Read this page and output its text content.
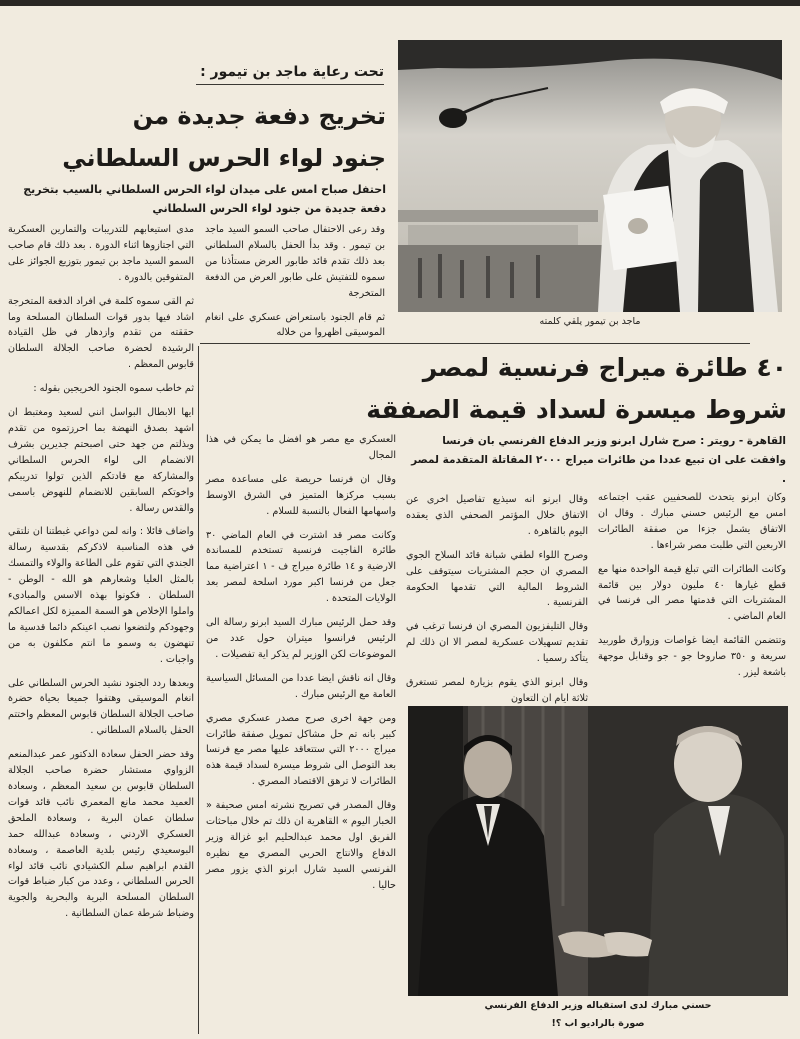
تحت رعاية ماجد بن تيمور :
تخريج دفعة جديدة من
جنود لواء الحرس السلطاني
احتفل صباح امس على ميدان لواء الحرس السلطاني بالسيب بتخريج دفعة جديدة من جنود لواء الحرس السلطاني

وقد رعى الاحتفال صاحب السمو السيد ماجد بن تيمور . وقد بدأ الحفل بالسلام السلطاني بعد ذلك تقدم قائد طابور العرض مستأذنا من سموه للتفتيش على طابور العرض من الدفعة المتخرجة

ثم قام الجنود باستعراض عسكري على انغام الموسيقى اظهروا من خلاله

مدى استيعابهم للتدريبات والتمارين العسكرية التي اجتازوها اثناء الدورة . بعد ذلك قام صاحب السمو السيد ماجد بن تيمور بتوزيع الجوائز على المتفوقين بالدورة .

ثم القى سموه كلمة في افراد الدفعة المتخرجة اشاد فيها بدور قوات السلطان المسلحة وما حققته من تقدم وازدهار في ظل القيادة الرشيدة لحضرة صاحب الجلالة السلطان قابوس المعظم .

ثم خاطب سموه الجنود الخريجين بقوله :

ايها الابطال البواسل انني لسعيد ومغتبط ان اشهد بصدق النهضة بما احرزتموه من تقدم وبذلتم من جهد حتى اصبحتم جديرين بشرف الانضمام الى لواء الحرس السلطاني والمشاركة مع قادتكم الذين تولوا تدريبكم واخوتكم السابقين للانضمام للنهوض باسمى والقدس رسالة .

واضاف قائلا : وانه لمن دواعي غبطتنا ان نلتقي في هذه المناسبة لاذكركم بقدسية رسالة الجندي التي تقوم على الطاعة والولاء والتمسك بالمثل العليا وشعارهم هو الله - الوطن - السلطان . فكونوا بهذه الاسس والمبادىء واملوا الإخلاص هو السمة المميزة لكل اعمالكم وجهودكم ولتضعوا نصب اعينكم دائما قدسية ما تنهضون به وسمو ما انتم مكلفون به من واجبات .

وبعدها ردد الجنود نشيد الحرس السلطاني على انغام الموسيقى وهتفوا جميعا بحياة حضرة صاحب الجلالة السلطان قابوس المعظم واختتم الحفل بالسلام السلطاني .

وقد حضر الحفل سعادة الدكتور عمر عبدالمنعم الزواوي مستشار حضرة صاحب الجلالة السلطان قابوس بن سعيد المعظم ، وسعادة العميد محمد مانع المعمري نائب قائد قوات سلطان عمان البرية ، وسعادة الملحق العسكري الاردني ، وسعادة عبدالله حمد البوسعيدي رئيس بلدية العاصمة ، وسعادة القدم ابراهيم سلم الكشيادي نائب قائد لواء الحرس السلطاني ، وعدد من كبار ضباط قوات السلطان المسلحة البرية والبحرية والجوية وضباط شرطة عمان السلطانية .

ماجد بن تيمور يلقي كلمته
٤٠ طائرة ميراج فرنسية لمصر
شروط ميسرة لسداد قيمة الصفقة
القاهرة - رويتر : صرح شارل ابرنو وزير الدفاع الفرنسي بان فرنسا وافقت على ان تبيع عددا من طائرات ميراج ٢٠٠٠ المقاتلة المتقدمة لمصر .

وكان ابرنو يتحدث للصحفيين عقب اجتماعه امس مع الرئيس حسني مبارك . وقال ان الاتفاق يشمل جزءا من صفقة الطائرات الاربعين التي طلبت مصر شراءها .

وكانت الطائرات التي تبلغ قيمة الواحدة منها مع قطع غيارها ٤٠ مليون دولار بين قائمة المشتريات التي قدمتها مصر الى فرنسا في العام الماضي .

وتتضمن القائمة ايضا غواصات وزوارق طوربيد سريعة و ٣٥٠ صاروخا جو - جو وقنابل موجهة باشعة ليزر .

وقال ابرنو انه سيذيع تفاصيل اخرى عن الاتفاق خلال المؤتمر الصحفي الذي يعقده اليوم بالقاهرة .

وصرح اللواء لطفي شبانة قائد السلاح الجوي المصري ان حجم المشتريات سيتوقف على الشروط المالية التي تقدمها الحكومة الفرنسية .

وقال التليفزيون المصري ان فرنسا ترغب في تقديم تسهيلات عسكرية لمصر الا ان ذلك لم يتأكد رسميا .

وقال ابرنو الذي يقوم بزيارة لمصر تستغرق ثلاثة ايام ان التعاون

العسكري مع مصر هو افضل ما يمكن في هذا المجال

وقال ان فرنسا حريصة على مساعدة مصر بسبب مركزها المتميز في الشرق الاوسط واسهامها الفعال بالنسبة للسلام .

وكانت مصر قد اشترت في العام الماضي ٣٠ طائرة الفاجيت فرنسية تستخدم للمساندة الارضية و ١٤ طائرة ميراج ف - ١ اعتراضية مما جعل من فرنسا اكبر مورد اسلحة لمصر بعد الولايات المتحدة .

وقد حمل الرئيس مبارك السيد ابرنو رسالة الى الرئيس فرانسوا ميتران حول عدد من الموضوعات لكن الوزير لم يذكر اية تفصيلات .

وقال انه ناقش ايضا عددا من المسائل السياسية العامة مع الرئيس مبارك .

ومن جهة اخرى صرح مصدر عسكري مصري كبير بانه تم حل مشاكل تمويل صفقة طائرات ميراج ٢٠٠٠ التي ستتعاقد عليها مصر مع فرنسا بعد التوصل الى شروط ميسرة لسداد قيمة هذه الطائرات لا ترهق الاقتصاد المصري .

وقال المصدر في تصريح نشرته امس صحيفة « الخبار اليوم » القاهرية ان ذلك تم خلال مباحثات الفريق اول محمد عبدالحليم ابو غزالة وزير الدفاع والانتاج الحربي المصري مع نظيره الفرنسي السيد شارل ابرنو الذي يزور مصر حاليا .

حسني مبارك لدى استقباله وزير الدفاع الفرنسي
صورة بالراديو اب ؟!
